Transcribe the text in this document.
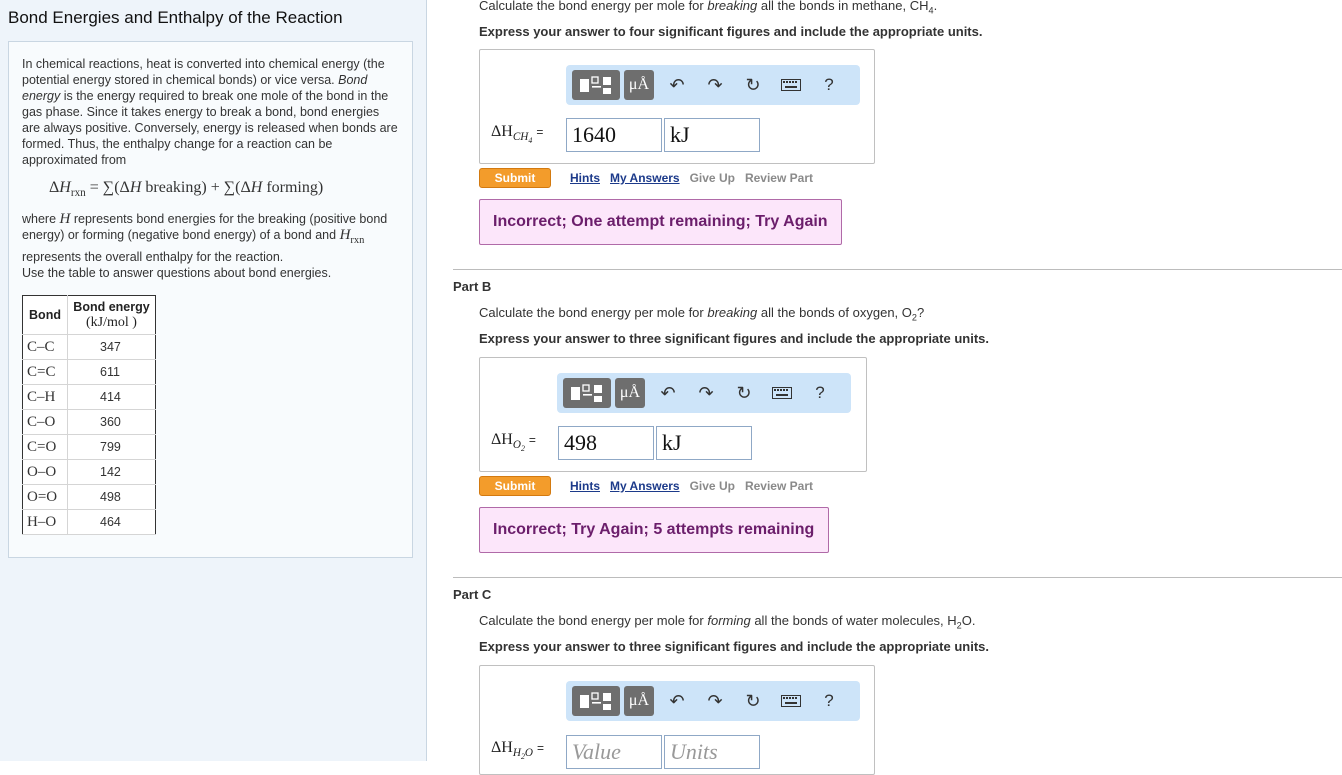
Bond Energies and Enthalpy of the Reaction

In chemical reactions, heat is converted into chemical energy (the potential energy stored in chemical bonds) or vice versa. Bond energy is the energy required to break one mole of the bond in the gas phase. Since it takes energy to break a bond, bond energies are always positive. Conversely, energy is released when bonds are formed. Thus, the enthalpy change for a reaction can be approximated from

$\Delta H_{rxn} = \sum(\Delta H$ breaking) + ∑(ΔH forming)

where H represents bond energies for the breaking (positive bond energy) or forming (negative bond energy) of a bond and $H_{rxn}$ represents the overall enthalpy for the reaction.

Use the table to answer questions about bond energies.

Bond	Bond energy
(kJ/mol )

C–C	347
C=C	611
C–H	414
C–O	360
C=O	799
O–O	142
O=O	498
H–O	464
Calculate the bond energy per mole for breaking all the bonds in methane, $CH_4$.
Express your answer to four significant figures and include the appropriate units.
μÅ	↶	↷	↻	?
$\Delta H_{CH_4}= 1640$	kJ
Submit	Hints My Answers Give Up Review Part
Incorrect; One attempt remaining; Try Again
Part B
Calculate the bond energy per mole for breaking all the bonds of oxygen, $O_2$?
Express your answer to three significant figures and include the appropriate units.
μÅ	↶	↷	↻	?
$\Delta H_{O_2}= 498$	kJ
Submit	Hints My Answers Give Up Review Part
Incorrect; Try Again; 5 attempts remaining
Part C
Calculate the bond energy per mole for forming all the bonds of water molecules, $H_2O$.
Express your answer to three significant figures and include the appropriate units.
μÅ	↶	↷	↻	?
$\Delta H_{H_2O}$ = Value	Units
